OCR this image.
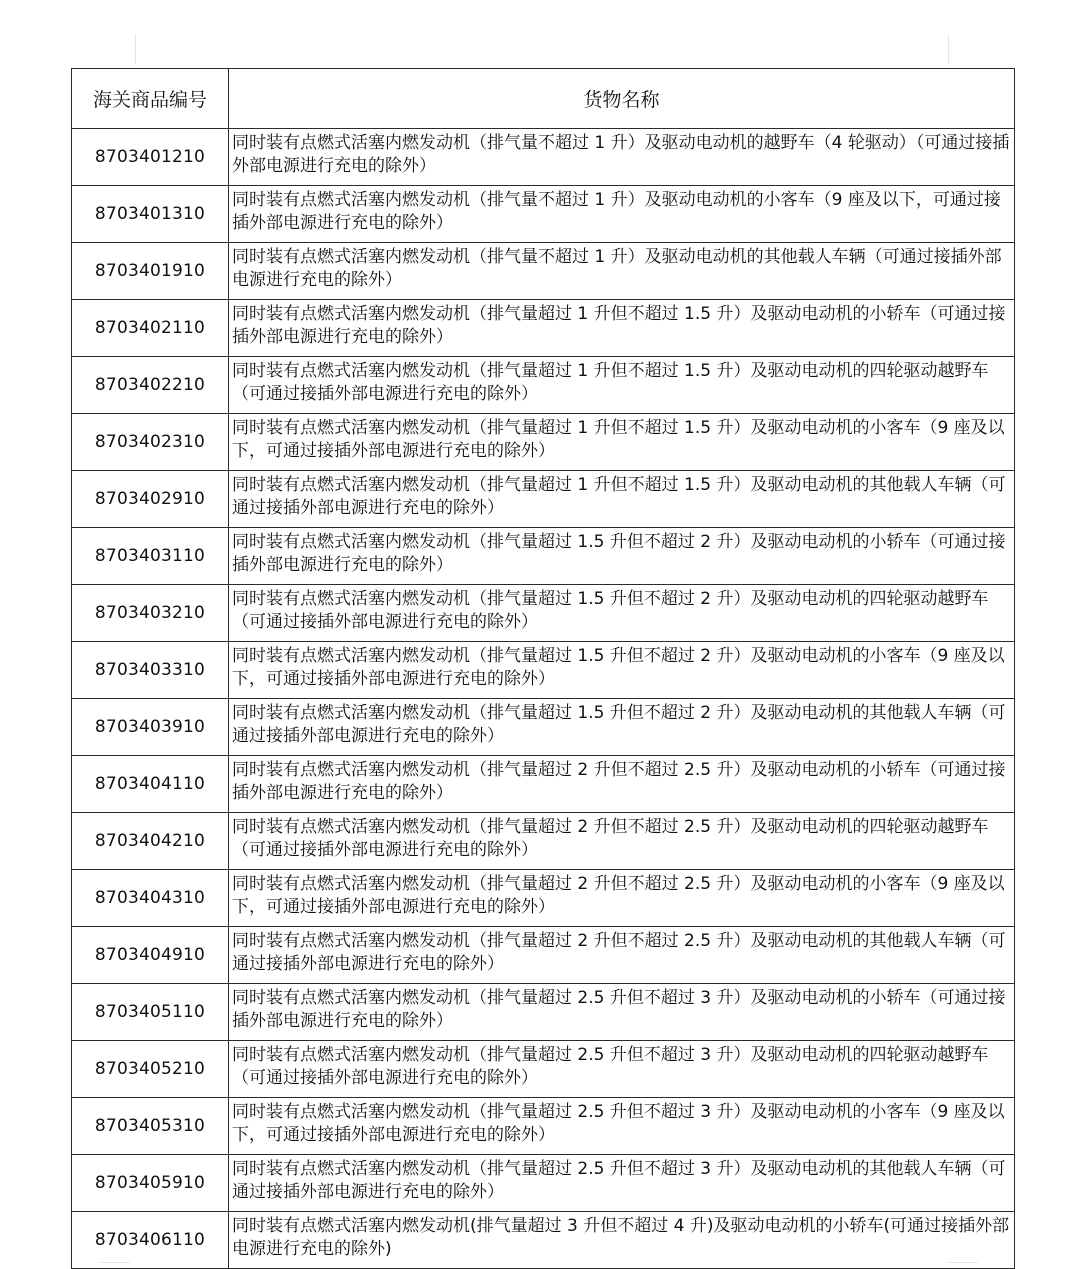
海关商品编号	货物名称
8703401210	同时装有点燃式活塞内燃发动机（排气量不超过 1 升）及驱动电动机的越野车（4 轮驱动）（可通过接插外部电源进行充电的除外）
8703401310	同时装有点燃式活塞内燃发动机（排气量不超过 1 升）及驱动电动机的小客车（9 座及以下，可通过接插外部电源进行充电的除外）
8703401910	同时装有点燃式活塞内燃发动机（排气量不超过 1 升）及驱动电动机的其他载人车辆（可通过接插外部电源进行充电的除外）
8703402110	同时装有点燃式活塞内燃发动机（排气量超过 1 升但不超过 1.5 升）及驱动电动机的小轿车（可通过接插外部电源进行充电的除外）
8703402210	同时装有点燃式活塞内燃发动机（排气量超过 1 升但不超过 1.5 升）及驱动电动机的四轮驱动越野车（可通过接插外部电源进行充电的除外）
8703402310	同时装有点燃式活塞内燃发动机（排气量超过 1 升但不超过 1.5 升）及驱动电动机的小客车（9 座及以下，可通过接插外部电源进行充电的除外）
8703402910	同时装有点燃式活塞内燃发动机（排气量超过 1 升但不超过 1.5 升）及驱动电动机的其他载人车辆（可通过接插外部电源进行充电的除外）
8703403110	同时装有点燃式活塞内燃发动机（排气量超过 1.5 升但不超过 2 升）及驱动电动机的小轿车（可通过接插外部电源进行充电的除外）
8703403210	同时装有点燃式活塞内燃发动机（排气量超过 1.5 升但不超过 2 升）及驱动电动机的四轮驱动越野车（可通过接插外部电源进行充电的除外）
8703403310	同时装有点燃式活塞内燃发动机（排气量超过 1.5 升但不超过 2 升）及驱动电动机的小客车（9 座及以下，可通过接插外部电源进行充电的除外）
8703403910	同时装有点燃式活塞内燃发动机（排气量超过 1.5 升但不超过 2 升）及驱动电动机的其他载人车辆（可通过接插外部电源进行充电的除外）
8703404110	同时装有点燃式活塞内燃发动机（排气量超过 2 升但不超过 2.5 升）及驱动电动机的小轿车（可通过接插外部电源进行充电的除外）
8703404210	同时装有点燃式活塞内燃发动机（排气量超过 2 升但不超过 2.5 升）及驱动电动机的四轮驱动越野车（可通过接插外部电源进行充电的除外）
8703404310	同时装有点燃式活塞内燃发动机（排气量超过 2 升但不超过 2.5 升）及驱动电动机的小客车（9 座及以下，可通过接插外部电源进行充电的除外）
8703404910	同时装有点燃式活塞内燃发动机（排气量超过 2 升但不超过 2.5 升）及驱动电动机的其他载人车辆（可通过接插外部电源进行充电的除外）
8703405110	同时装有点燃式活塞内燃发动机（排气量超过 2.5 升但不超过 3 升）及驱动电动机的小轿车（可通过接插外部电源进行充电的除外）
8703405210	同时装有点燃式活塞内燃发动机（排气量超过 2.5 升但不超过 3 升）及驱动电动机的四轮驱动越野车（可通过接插外部电源进行充电的除外）
8703405310	同时装有点燃式活塞内燃发动机（排气量超过 2.5 升但不超过 3 升）及驱动电动机的小客车（9 座及以下，可通过接插外部电源进行充电的除外）
8703405910	同时装有点燃式活塞内燃发动机（排气量超过 2.5 升但不超过 3 升）及驱动电动机的其他载人车辆（可通过接插外部电源进行充电的除外）
8703406110	同时装有点燃式活塞内燃发动机(排气量超过 3 升但不超过 4 升)及驱动电动机的小轿车(可通过接插外部电源进行充电的除外)
